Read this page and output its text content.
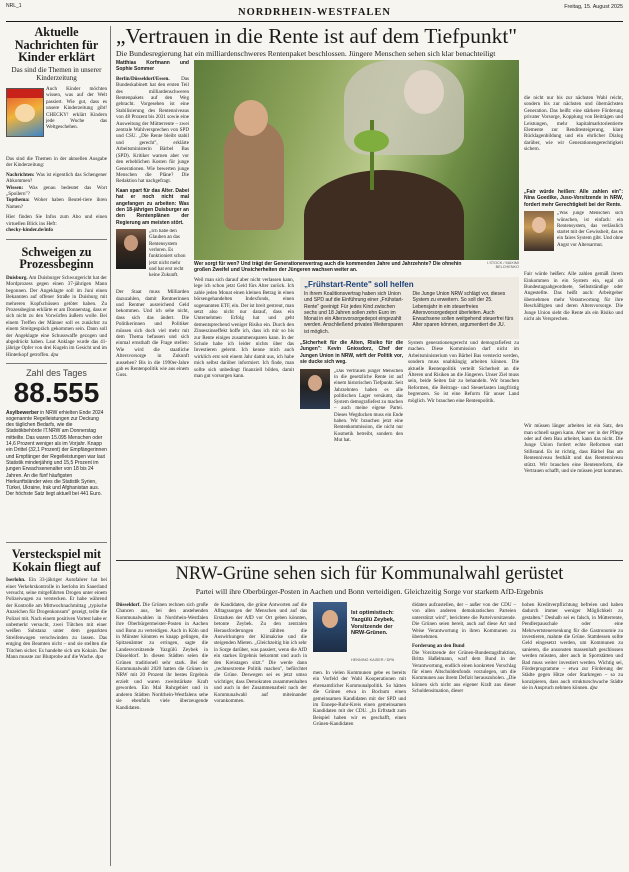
NRL_1
NORDRHEIN-WESTFALEN	Freitag, 15. August 2025
Aktuelle Nachrichten für Kinder erklärt
Das sind die Themen in unserer Kinderzeitung
Auch Kinder möchten wissen, was auf der Welt passiert. Wie gut, dass es unsere Kinderzeitung gibt! CHECKY! erklärt Kindern jede Woche das Weltgeschehen.
Das sind die Themen in der aktuellen Ausgabe der Kinderzeitung:
Nachrichten: Was ist eigentlich das Schengener Abkommen?
Wissen: Was genau bedeutet das Wort „Spoilern"?
Topthema: Woher haben Beutel-tiere ihren Namen?
Hier finden Sie Infos zum Abo und einen virtuellen Blick ins Heft:
checky-kinder.de/info
Schweigen zu Prozessbeginn
Duisburg. Am Duisburger Schwurgericht hat der Mordprozess gegen einen 37-jährigen Mann begonnen. Der Angeklagte soll im Juni einen Bekannten auf offener Straße in Duisburg mit mehreren Kopfschüssen getötet haben. Zu Prozessbeginn erklärte er am Donnerstag, dass er sich nicht zu den Vorwürfen äußern wolle. Bei einem Treffen der Männer soll es zunächst zu einem Streitgespräch gekommen sein. Dann soll der Angeklagte eine Schusswaffe gezogen und abgedrückt haben. Laut Anklage wurde das 41-jährige Opfer von drei Kugeln im Gesicht und im Hinterkopf getroffen. dpa
Zahl des Tages
88.555
Asylbewerber in NRW erhielten Ende 2024 sogenannte Regelleistungen zur Deckung des täglichen Bedarfs, wie die Statistikbehörde IT.NRW am Donnerstag mitteilte. Das waren 15.095 Menschen oder 14,6 Prozent weniger als im Vorjahr. Knapp ein Drittel (32,1 Prozent) der Empfängerinnen und Empfänger der Regelleistungen war laut Statistik minderjährig und 15,5 Prozent im jungen Erwachsenenalter von 18 bis 24 Jahren. An die fünf häufigsten Herkunftsländer wies die Statistik Syrien, Türkei, Ukraine, Irak und Afghanistan aus. Der höchste Satz liegt aktuell bei 441 Euro.
Versteckspiel mit Kokain fliegt auf
Iserlohn. Ein 33-jähriger Autofahrer hat bei einer Verkehrskontrolle in Iserlohn im Sauerland versucht, seine mitgeführten Drogen unter einem Polizeiwagen zu verstecken. Er habe während der Kontrolle am Mittwochnachmittag „typische Anzeichen für Drogenkonsum" gezeigt, teilte die Polizei mit. Nach einem positiven Vortest habe er unbemerkt versucht, zwei Tütchen mit einer weißen Substanz unter dem geparkten Streifenwagen verschwinden zu lassen. Das entging den Beamten nicht – und sie stellten die Tütchen sicher. Es handelte sich um Kokain. Der Mann musste zur Blutprobe auf die Wache. dpa
„Vertrauen in die Rente ist auf dem Tiefpunkt"
Die Bundesregierung hat ein milliardenschweres Rentenpaket beschlossen. Jüngere Menschen sehen sich klar benachteiligt
Matthias Korfmann und Sophie Sommer
Berlin/Düsseldorf/Essen. Das Bundeskabinett hat den ersten Teil des milliardenschweren Rentenpakets auf den Weg gebracht. Vorgesehen ist eine Stabilisierung des Rentenniveaus von 48 Prozent bis 2031 sowie eine Ausweitung der Mütterrente – zwei zentrale Wahlversprechen von SPD und CSU. „Die Rente bleibt stabil und gerecht", erklärte Arbeitsministerin Bärbel Bas (SPD). Kritiker warnen aber vor den erheblichen Kosten für junge Generationen. Wie bewerten junge Menschen die Pläne? Die Redaktion hat nachgefragt.
Kaan spart für das Alter. Dabei hat er noch nicht mal angefangen zu arbeiten: Was den 18-jährigen Duisburger an den Rentenplänen der Regierung am meisten stört.
„Ich habe den Glauben an das Rentensystem verloren. Es funktioniert schon jetzt nicht mehr und hat erst recht keine Zukunft.
Der Staat muss Milliarden dazuzahlen, damit Rentnerinnen und Rentner ausreichend Geld bekommen. Und ich sehe nicht, dass sich das ändert. Die Politikerinnen und Politiker müssen sich doch viel mehr mit dem Thema befassen und sich einmal ernsthaft die Frage stellen: Wie wird die staatliche Altersvorsorge in Zukunft aussehen? Bis in die 1990er-Jahre gab es Rentenpolitik wie aus einem Guss.
Wer sorgt für wen? Und trägt der Generationenvertrag auch die kommenden Jahre und Jahrzehnte? Die ohnehin großen Zweifel und Unsicherheiten der Jüngeren wachsen weiter an.
I.STOCK / MAXIMI BELCHENKO
Weil man sich darauf aber nicht verlassen kann, lege ich schon jetzt Geld fürs Alter zurück. Ich zahle jeden Monat einen kleinen Betrag in einen börsengehandelten Indexfonds, einen sogenannten ETF, ein. Der ist breit gestreut, man setzt also nicht nur darauf, dass ein Unternehmen Erfolg hat und geht dementsprechend weniger Risiko ein. Durch den Zinseszinseffekt hoffe ich, dass ich mir so bis zur Rente einiges zusammensparen kann. In der Schule habe ich leider nichts über das Investieren gelernt. Ich kenne mich auch wirklich erst seit einem Jahr damit aus, ich habe mich selbst darüber informiert. Ich finde, man sollte sich unbedingt finanziell bilden, damit man gut vorsorgen kann.
„Frühstart-Rente" soll helfen
In ihrem Koalitionsvertrag haben sich Union und SPD auf die Einführung einer „Frühstart-Rente" geeinigt: Für jedes Kind zwischen sechs und 18 Jahren sollen zehn Euro im Monat in ein Altersvorsorgedepot eingezahlt werden. Anschließend privates Weitersparen ist möglich.
Die Junge Union NRW schlägt vor, dieses System zu erweitern. So soll der 25. Lebensjahr in ein steuerfreies Altersvorsorgedepot überleiten. Auch Erwachsene sollen weitgehend steuerfrei fürs Alter sparen können, argumentiert die JU.
„Sicherheit für die Alten, Risiko für die Jungen": Kevin Gniosdorz, Chef der Jungen Union in NRW, wirft der Politik vor, sie ducke sich weg.
„Das Vertrauen junger Menschen in die gesetzliche Rente ist auf einem historischen Tiefpunkt. Seit Jahrzehnten haben es alle politischen Lager versäumt, das System demografiefest zu machen – auch meine eigene Partei. Dieses Wegducken muss ein Ende haben. Wir brauchen jetzt eine Rentenkommission, die nicht nur Kosmetik betreibt, sondern den Mut hat.
System generationengerecht und demografiefest zu machen. Diese Kommission darf nicht im Arbeitsministerium von Bärbel Bas versteckt werden, sondern muss unabhängig arbeiten können. Die aktuelle Rentenpolitik verteilt Sicherheit an die Älteren und Risiken an die Jüngeren. Unser Ziel muss sein, beide Seiten fair zu behandeln. Wir brauchen Reformen, die Beitrags- und Steuerlasten langfristig begrenzen. So ist eine Reform für unser Land möglich. Wir brauchen eine Rentenpolitik.
die nicht nur bis zur nächsten Wahl reicht, sondern bis zur nächsten und übernächsten Generation. Das heißt: eine stärkere Förderung privater Vorsorge, Kopplung von Beiträgen und Leistungen, mehr kapitalmarktorientierte Elemente zur Renditesteigerung, klare Rücklagenbildung und ein ehrlicher Dialog darüber, wie wir Generationengerechtigkeit sichern.
„Fair würde heißen: Alle zahlen ein": Nina Goedike, Juso-Vorsitzende in NRW, fordert mehr Gerechtigkeit bei der Rente.
„Was junge Menschen sich wünschen, ist einfach: ein Rentensystem, das verlässlich startet mit der Gewissheit, das es ein faires System gibt. Und ohne Angst vor Altersarmut.
Fair würde heißen: Alle zahlen gemäß ihrem Einkommen in ein System ein, egal ob Bundestagsabgeordnete, Selbstständige oder Angestellte. Das heißt auch: Arbeitgeber übernehmen mehr Verantwortung für ihre Beschäftigten und deren Altersvorsorge. Die Junge Union sieht die Rente als ein Risiko und nicht als Versprechen.
Wir müssen länger arbeiten ist ein Satz, den man schnell sagen kann. Aber wer in der Pflege oder auf dem Bau arbeitet, kann das nicht. Die Junge Union fordert echte Reformen statt Stillstand. Es ist richtig, dass Bärbel Bas am Rentenniveau festhält und das Rentenniveau stützt. Wir brauchen eine Rentenreform, die Vertrauen schafft, und sie müssen jetzt kommen.
NRW-Grüne sehen sich für Kommunalwahl gerüstet
Partei will ihre Oberbürger-Posten in Aachen und Bonn verteidigen. Gleichzeitig Sorge vor starkem AfD-Ergebnis
Düsseldorf. Die Grünen rechnen sich große Chancen aus, bei den anstehenden Kommunalwahlen in Nordrhein-Westfalen ihre Oberbürgermeister-Posten in Aachen und Bonn zu verteidigen. Auch in Köln und in Münster könnten es knapp gelingen, die Spitzenämter zu erringen, sagte die Landesvorsitzende Yazgülü Zeybek in Düsseldorf. In diesen Städten seien die Grünen traditionell sehr stark. Bei der Kommunalwahl 2020 hatten die Grünen in NRW mit 20 Prozent ihr bestes Ergebnis erzielt und waren zweitstärkste Kraft geworden. Ein Mal Ruhrgebiet und in anderen Städten Nordrhein-Westfalens sehe sie ebenfalls viele überzeugende Kandidaten.
de Kandidaten, die grüne Antworten auf die Alltagssorgen der Menschen und auf das Erstarken der AfD vor Ort geben könnten, betonte Zeybek. Zu den zentralen Herausforderungen zählten die Auswirkungen der Klimakrise und die steigenden Mieten. „Gleichzeitig bin ich sehr in Sorge darüber, was passiert, wenn die AfD ein starkes Ergebnis bekommt und auch in den Kreistagen sitzt." Die werde dann „rechtsextreme Politik machen", befürchtet die Grüne. Deswegen sei es jetzt umso wichtiger, dass Demokraten zusammenhalten und auch in der Zusammenarbeit nach der Kommunalwahl auf miteinander vorankommen.
Ist optimistisch: Yazgülü Zeybek, Vorsitzende der NRW-Grünen.
HENNING KAISER / DPA
men. In vielen Kommunen gebe es bereits ein Vorfeld der Wahl Kooperationen mit ehrenamtlicher Kommunalpolitik. So hätten die Grünen etwa in Bochum einen gemeinsamen Kandidaten mit der SPD und im Ennepe-Ruhr-Kreis einen gemeinsamen Kandidaten mit der CDU. „In Erftstadt zum Beispiel haben wir es geschafft, einen Grünen-Kandidaten
didaten aufzustellen, der – außer von der CDU – von allen anderen demokratischen Parteien unterstützt wird", berichtete die Parteivorsitzende. Die Grünen seien bereit, auch auf diese Art und Weise Verantwortung in ihren Kommunen zu übernehmen.
Forderung an den Bund
Die Vorsitzende der Grünen-Bundestagsfraktion, Britta Haßelmann, warf dem Bund in der Verantwortung, endlich einen konkreten Vorschlag für einen Altschuldenfonds vorzulegen, um die Kommunen aus ihrem Defizit herauszuholen. „Die können sich nicht aus eigener Kraft aus dieser Schuldensituation, dieser
hohen Kreditverpflichtung befreien und haben dadurch immer weniger Möglichkeit zu gestalten." Deshalb sei es falsch, in Mütterrente, Pendlerpauschale oder eine Mehrwertsteuersenkung für die Gastronomie zu investieren, mahnte die Grüne. Stattdessen sollte Geld eingesetzt werden, um Kommunen zu sanieren, die ansonsten massenhaft geschlossen werden müssten, aber auch in Sportstätten und Bad muss weiter investiert werden. Wichtig sei, Förderprogramme – etwa zur Förderung der Städte gegen Hitze oder Starkregen – so zu konzipieren, dass auch strukturschwache Städte sie in Anspruch nehmen können. dpa
